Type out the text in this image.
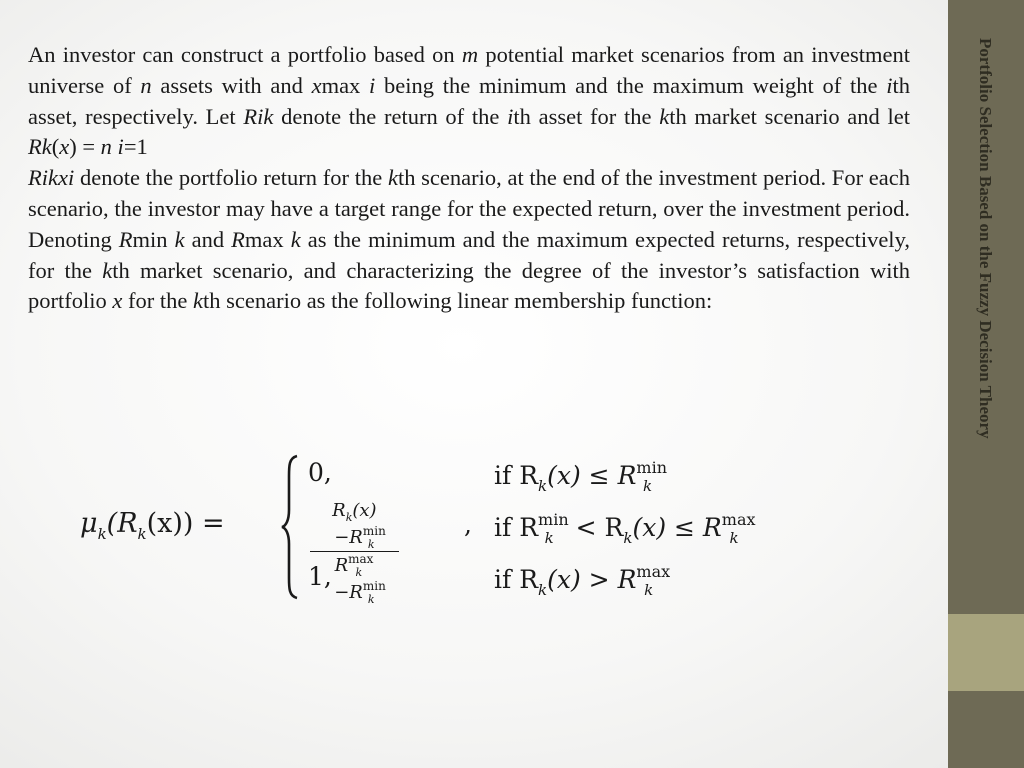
An investor can construct a portfolio based on m potential market scenarios from an investment universe of n assets with and xmax i being the minimum and the maximum weight of the ith asset, respectively. Let Rik denote the return of the ith asset for the kth market scenario and let Rk(x) = n i=1

Rikxi denote the portfolio return for the kth scenario, at the end of the investment period. For each scenario, the investor may have a target range for the expected return, over the investment period. Denoting Rmin k and Rmax k as the minimum and the maximum expected returns, respectively, for the kth market scenario, and characterizing the degree of the investor’s satisfaction with portfolio x for the kth scenario as the following linear membership function:

$\mu_k(R_k(x))$ =
0,	if $R_k(x) \le R^{min}_k$
$R_k(x)-R^{min}_k$
$R^{max}_k-R^{min}_k$
, if $R^{min}_k < R_k(x) \le R^{max}_k$
1,	if $R_k(x) > R^{max}_k$
Portfolio Selection Based on the Fuzzy Decision Theory
